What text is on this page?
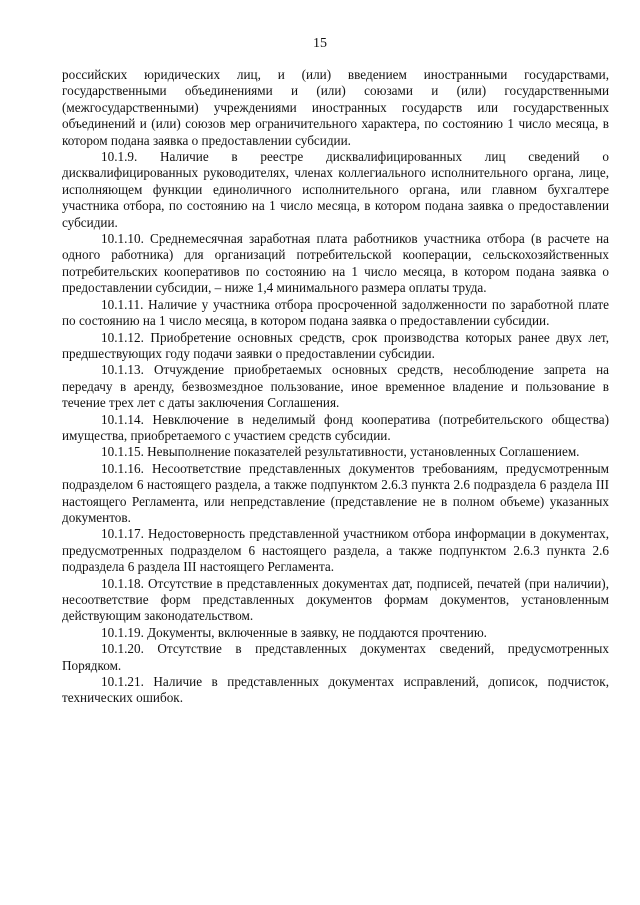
15

российских юридических лиц, и (или) введением иностранными государствами, государственными объединениями и (или) союзами и (или) государственными (межгосударственными) учреждениями иностранных государств или государственных объединений и (или) союзов мер ограничительного характера, по состоянию 1 число месяца, в котором подана заявка о предоставлении субсидии.

10.1.9. Наличие в реестре дисквалифицированных лиц сведений о дисквалифицированных руководителях, членах коллегиального исполнительного органа, лице, исполняющем функции единоличного исполнительного органа, или главном бухгалтере участника отбора, по состоянию на 1 число месяца, в котором подана заявка о предоставлении субсидии.

10.1.10. Среднемесячная заработная плата работников участника отбора (в расчете на одного работника) для организаций потребительской кооперации, сельскохозяйственных потребительских кооперативов по состоянию на 1 число месяца, в котором подана заявка о предоставлении субсидии, – ниже 1,4 минимального размера оплаты труда.

10.1.11. Наличие у участника отбора просроченной задолженности по заработной плате по состоянию на 1 число месяца, в котором подана заявка о предоставлении субсидии.

10.1.12. Приобретение основных средств, срок производства которых ранее двух лет, предшествующих году подачи заявки о предоставлении субсидии.

10.1.13. Отчуждение приобретаемых основных средств, несоблюдение запрета на передачу в аренду, безвозмездное пользование, иное временное владение и пользование в течение трех лет с даты заключения Соглашения.

10.1.14. Невключение в неделимый фонд кооператива (потребительского общества) имущества, приобретаемого с участием средств субсидии.

10.1.15. Невыполнение показателей результативности, установленных Соглашением.

10.1.16. Несоответствие представленных документов требованиям, предусмотренным подразделом 6 настоящего раздела, а также подпунктом 2.6.3 пункта 2.6 подраздела 6 раздела III настоящего Регламента, или непредставление (представление не в полном объеме) указанных документов.

10.1.17. Недостоверность представленной участником отбора информации в документах, предусмотренных подразделом 6 настоящего раздела, а также подпунктом 2.6.3 пункта 2.6 подраздела 6 раздела III настоящего Регламента.

10.1.18. Отсутствие в представленных документах дат, подписей, печатей (при наличии), несоответствие форм представленных документов формам документов, установленным действующим законодательством.

10.1.19. Документы, включенные в заявку, не поддаются прочтению.

10.1.20. Отсутствие в представленных документах сведений, предусмотренных Порядком.

10.1.21. Наличие в представленных документах исправлений, дописок, подчисток, технических ошибок.
